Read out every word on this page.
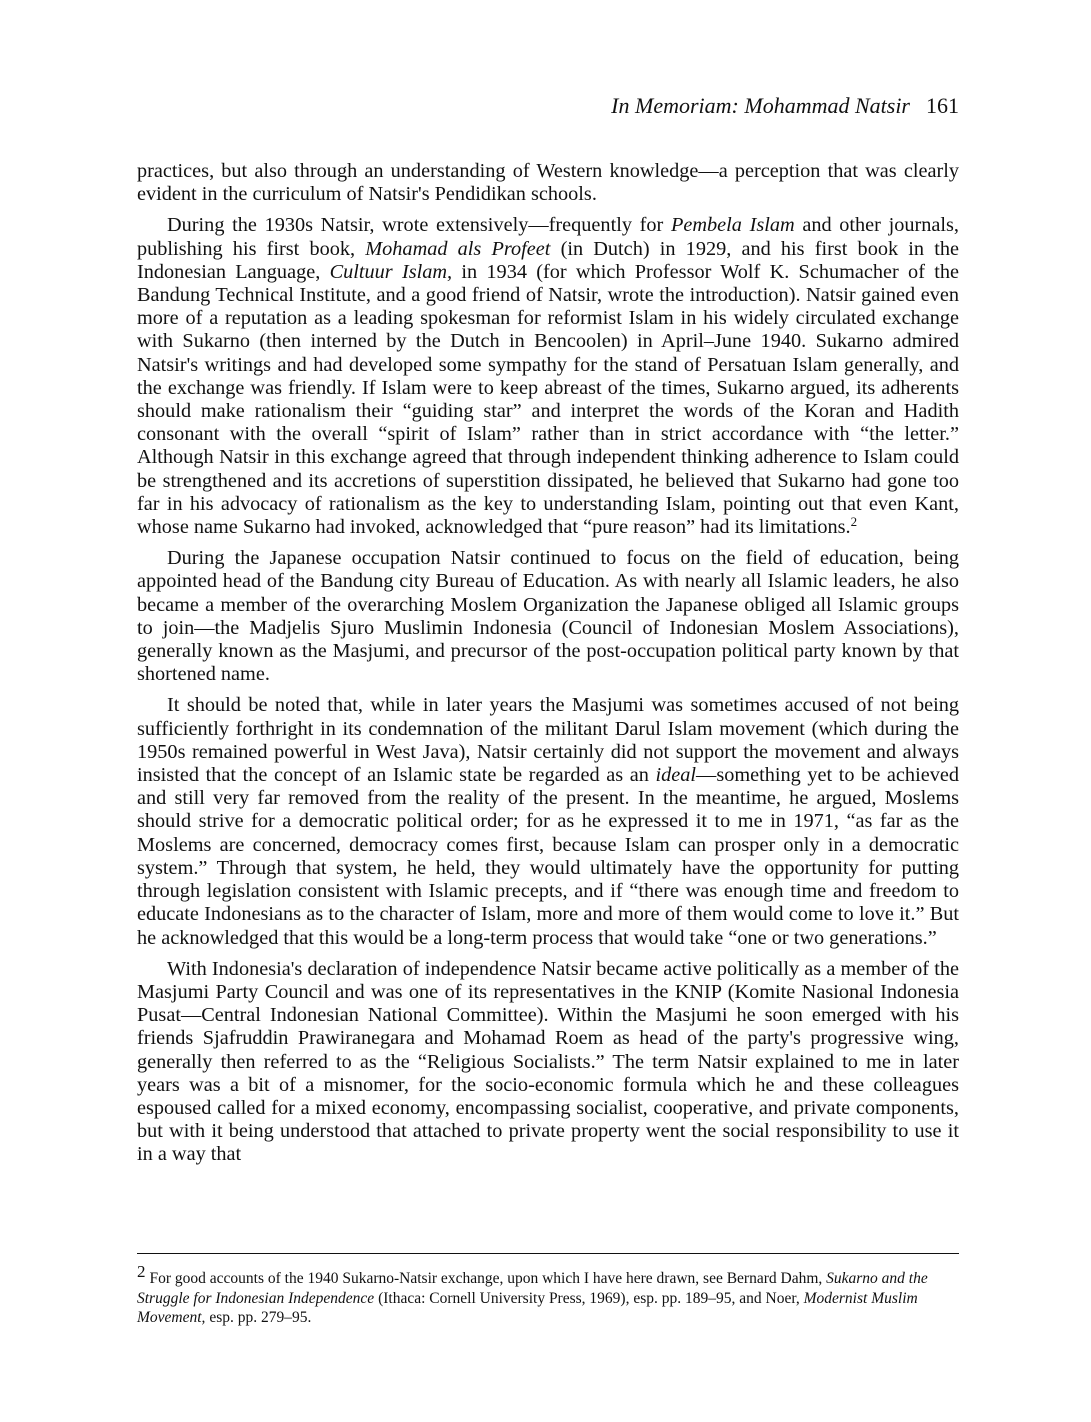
In Memoriam: Mohammad Natsir 161

practices, but also through an understanding of Western knowledge—a perception that was clearly evident in the curriculum of Natsir's Pendidikan schools.

During the 1930s Natsir, wrote extensively—frequently for Pembela Islam and other journals, publishing his first book, Mohamad als Profeet (in Dutch) in 1929, and his first book in the Indonesian Language, Cultuur Islam, in 1934 (for which Professor Wolf K. Schumacher of the Bandung Technical Institute, and a good friend of Natsir, wrote the introduction). Natsir gained even more of a reputation as a leading spokesman for reformist Islam in his widely circulated exchange with Sukarno (then interned by the Dutch in Bencoolen) in April–June 1940. Sukarno admired Natsir's writings and had developed some sympathy for the stand of Persatuan Islam generally, and the exchange was friendly. If Islam were to keep abreast of the times, Sukarno argued, its adherents should make rationalism their “guiding star” and interpret the words of the Koran and Hadith consonant with the overall “spirit of Islam” rather than in strict accordance with “the letter.” Although Natsir in this exchange agreed that through independent thinking adherence to Islam could be strengthened and its accretions of superstition dissipated, he believed that Sukarno had gone too far in his advocacy of rationalism as the key to understanding Islam, pointing out that even Kant, whose name Sukarno had invoked, acknowledged that “pure reason” had its limitations.$^2$

During the Japanese occupation Natsir continued to focus on the field of education, being appointed head of the Bandung city Bureau of Education. As with nearly all Islamic leaders, he also became a member of the overarching Moslem Organization the Japanese obliged all Islamic groups to join—the Madjelis Sjuro Muslimin Indonesia (Council of Indonesian Moslem Associations), generally known as the Masjumi, and precursor of the post-occupation political party known by that shortened name.

It should be noted that, while in later years the Masjumi was sometimes accused of not being sufficiently forthright in its condemnation of the militant Darul Islam movement (which during the 1950s remained powerful in West Java), Natsir certainly did not support the movement and always insisted that the concept of an Islamic state be regarded as an ideal—something yet to be achieved and still very far removed from the reality of the present. In the meantime, he argued, Moslems should strive for a democratic political order; for as he expressed it to me in 1971, “as far as the Moslems are concerned, democracy comes first, because Islam can prosper only in a democratic system.” Through that system, he held, they would ultimately have the opportunity for putting through legislation consistent with Islamic precepts, and if “there was enough time and freedom to educate Indonesians as to the character of Islam, more and more of them would come to love it.” But he acknowledged that this would be a long-term process that would take “one or two generations.”

With Indonesia's declaration of independence Natsir became active politically as a member of the Masjumi Party Council and was one of its representatives in the KNIP (Komite Nasional Indonesia Pusat—Central Indonesian National Committee). Within the Masjumi he soon emerged with his friends Sjafruddin Prawiranegara and Mohamad Roem as head of the party's progressive wing, generally then referred to as the “Religious Socialists.” The term Natsir explained to me in later years was a bit of a misnomer, for the socio-economic formula which he and these colleagues espoused called for a mixed economy, encompassing socialist, cooperative, and private components, but with it being understood that attached to private property went the social responsibility to use it in a way that

$^2$ For good accounts of the 1940 Sukarno-Natsir exchange, upon which I have here drawn, see Bernard Dahm, Sukarno and the Struggle for Indonesian Independence (Ithaca: Cornell University Press, 1969), esp. pp. 189–95, and Noer, Modernist Muslim Movement, esp. pp. 279–95.
